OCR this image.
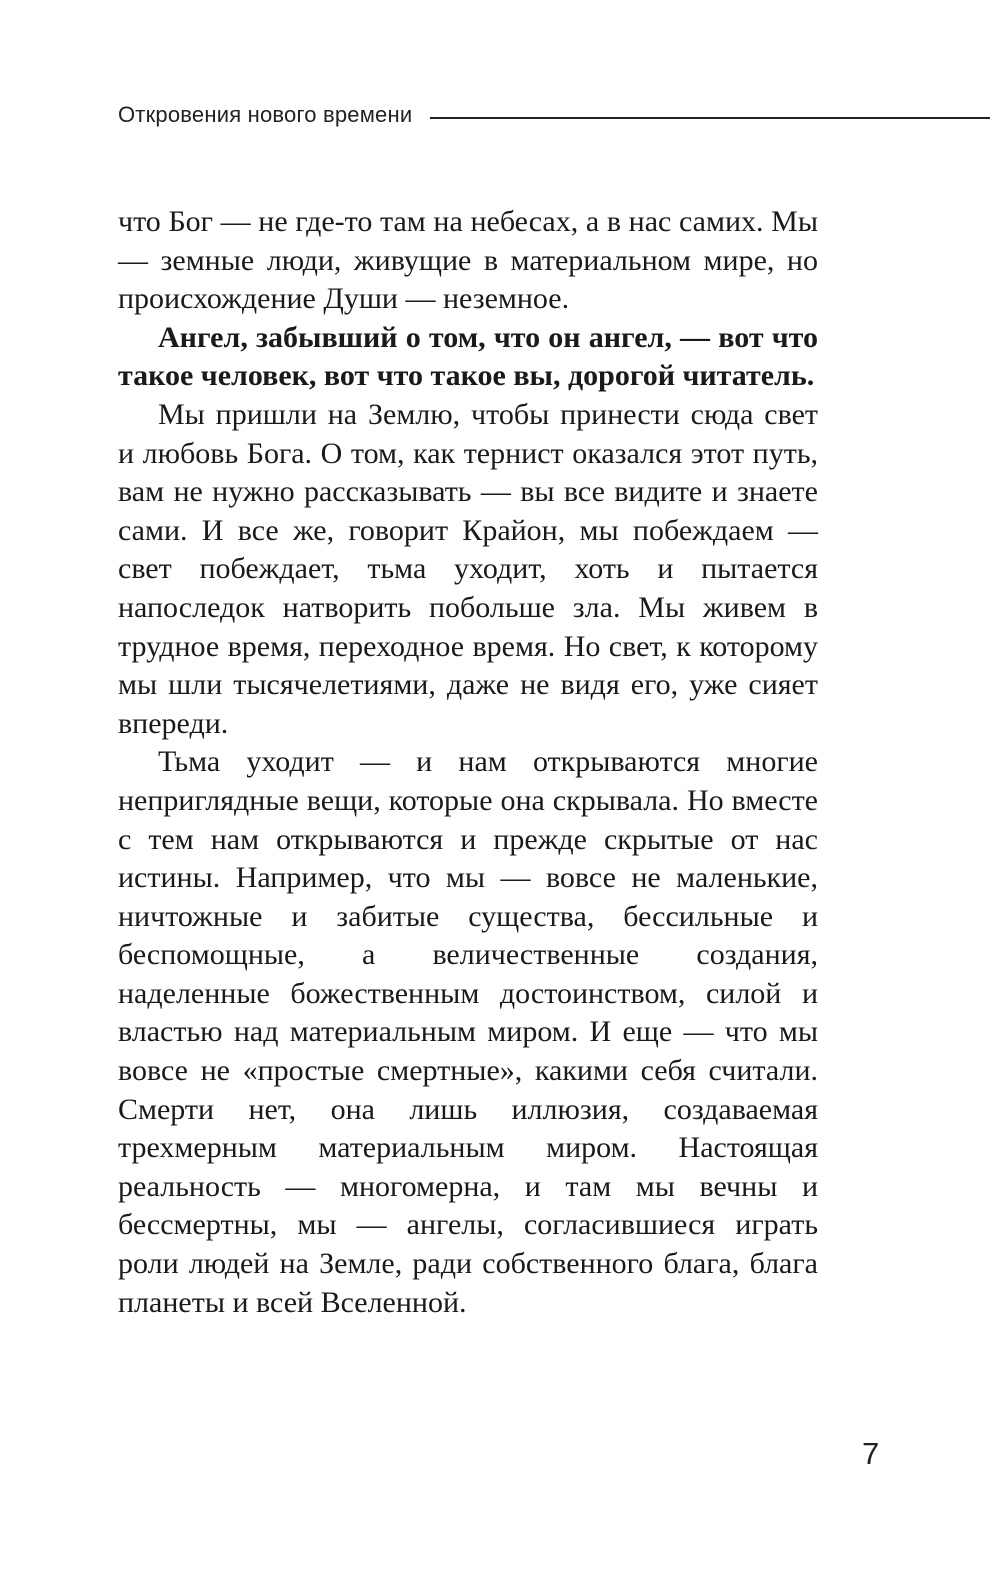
Откровения нового времени

что Бог — не где-то там на небесах, а в нас самих. Мы — земные люди, живущие в материальном мире, но происхождение Души — неземное.

Ангел, забывший о том, что он ангел, — вот что такое человек, вот что такое вы, дорогой читатель.

Мы пришли на Землю, чтобы принести сюда свет и любовь Бога. О том, как тернист оказался этот путь, вам не нужно рассказывать — вы все видите и знаете сами. И все же, говорит Крайон, мы побеждаем — свет побеждает, тьма уходит, хоть и пытается напоследок натворить побольше зла. Мы живем в трудное время, переходное время. Но свет, к которому мы шли тысячелетиями, даже не видя его, уже сияет впереди.

Тьма уходит — и нам открываются многие неприглядные вещи, которые она скрывала. Но вместе с тем нам открываются и прежде скрытые от нас истины. Например, что мы — вовсе не маленькие, ничтожные и забитые существа, бессильные и беспомощные, а величественные создания, наделенные божественным достоинством, силой и властью над материальным миром. И еще — что мы вовсе не «простые смертные», какими себя считали. Смерти нет, она лишь иллюзия, создаваемая трехмерным материальным миром. Настоящая реальность — многомерна, и там мы вечны и бессмертны, мы — ангелы, согласившиеся играть роли людей на Земле, ради собственного блага, блага планеты и всей Вселенной.

7
